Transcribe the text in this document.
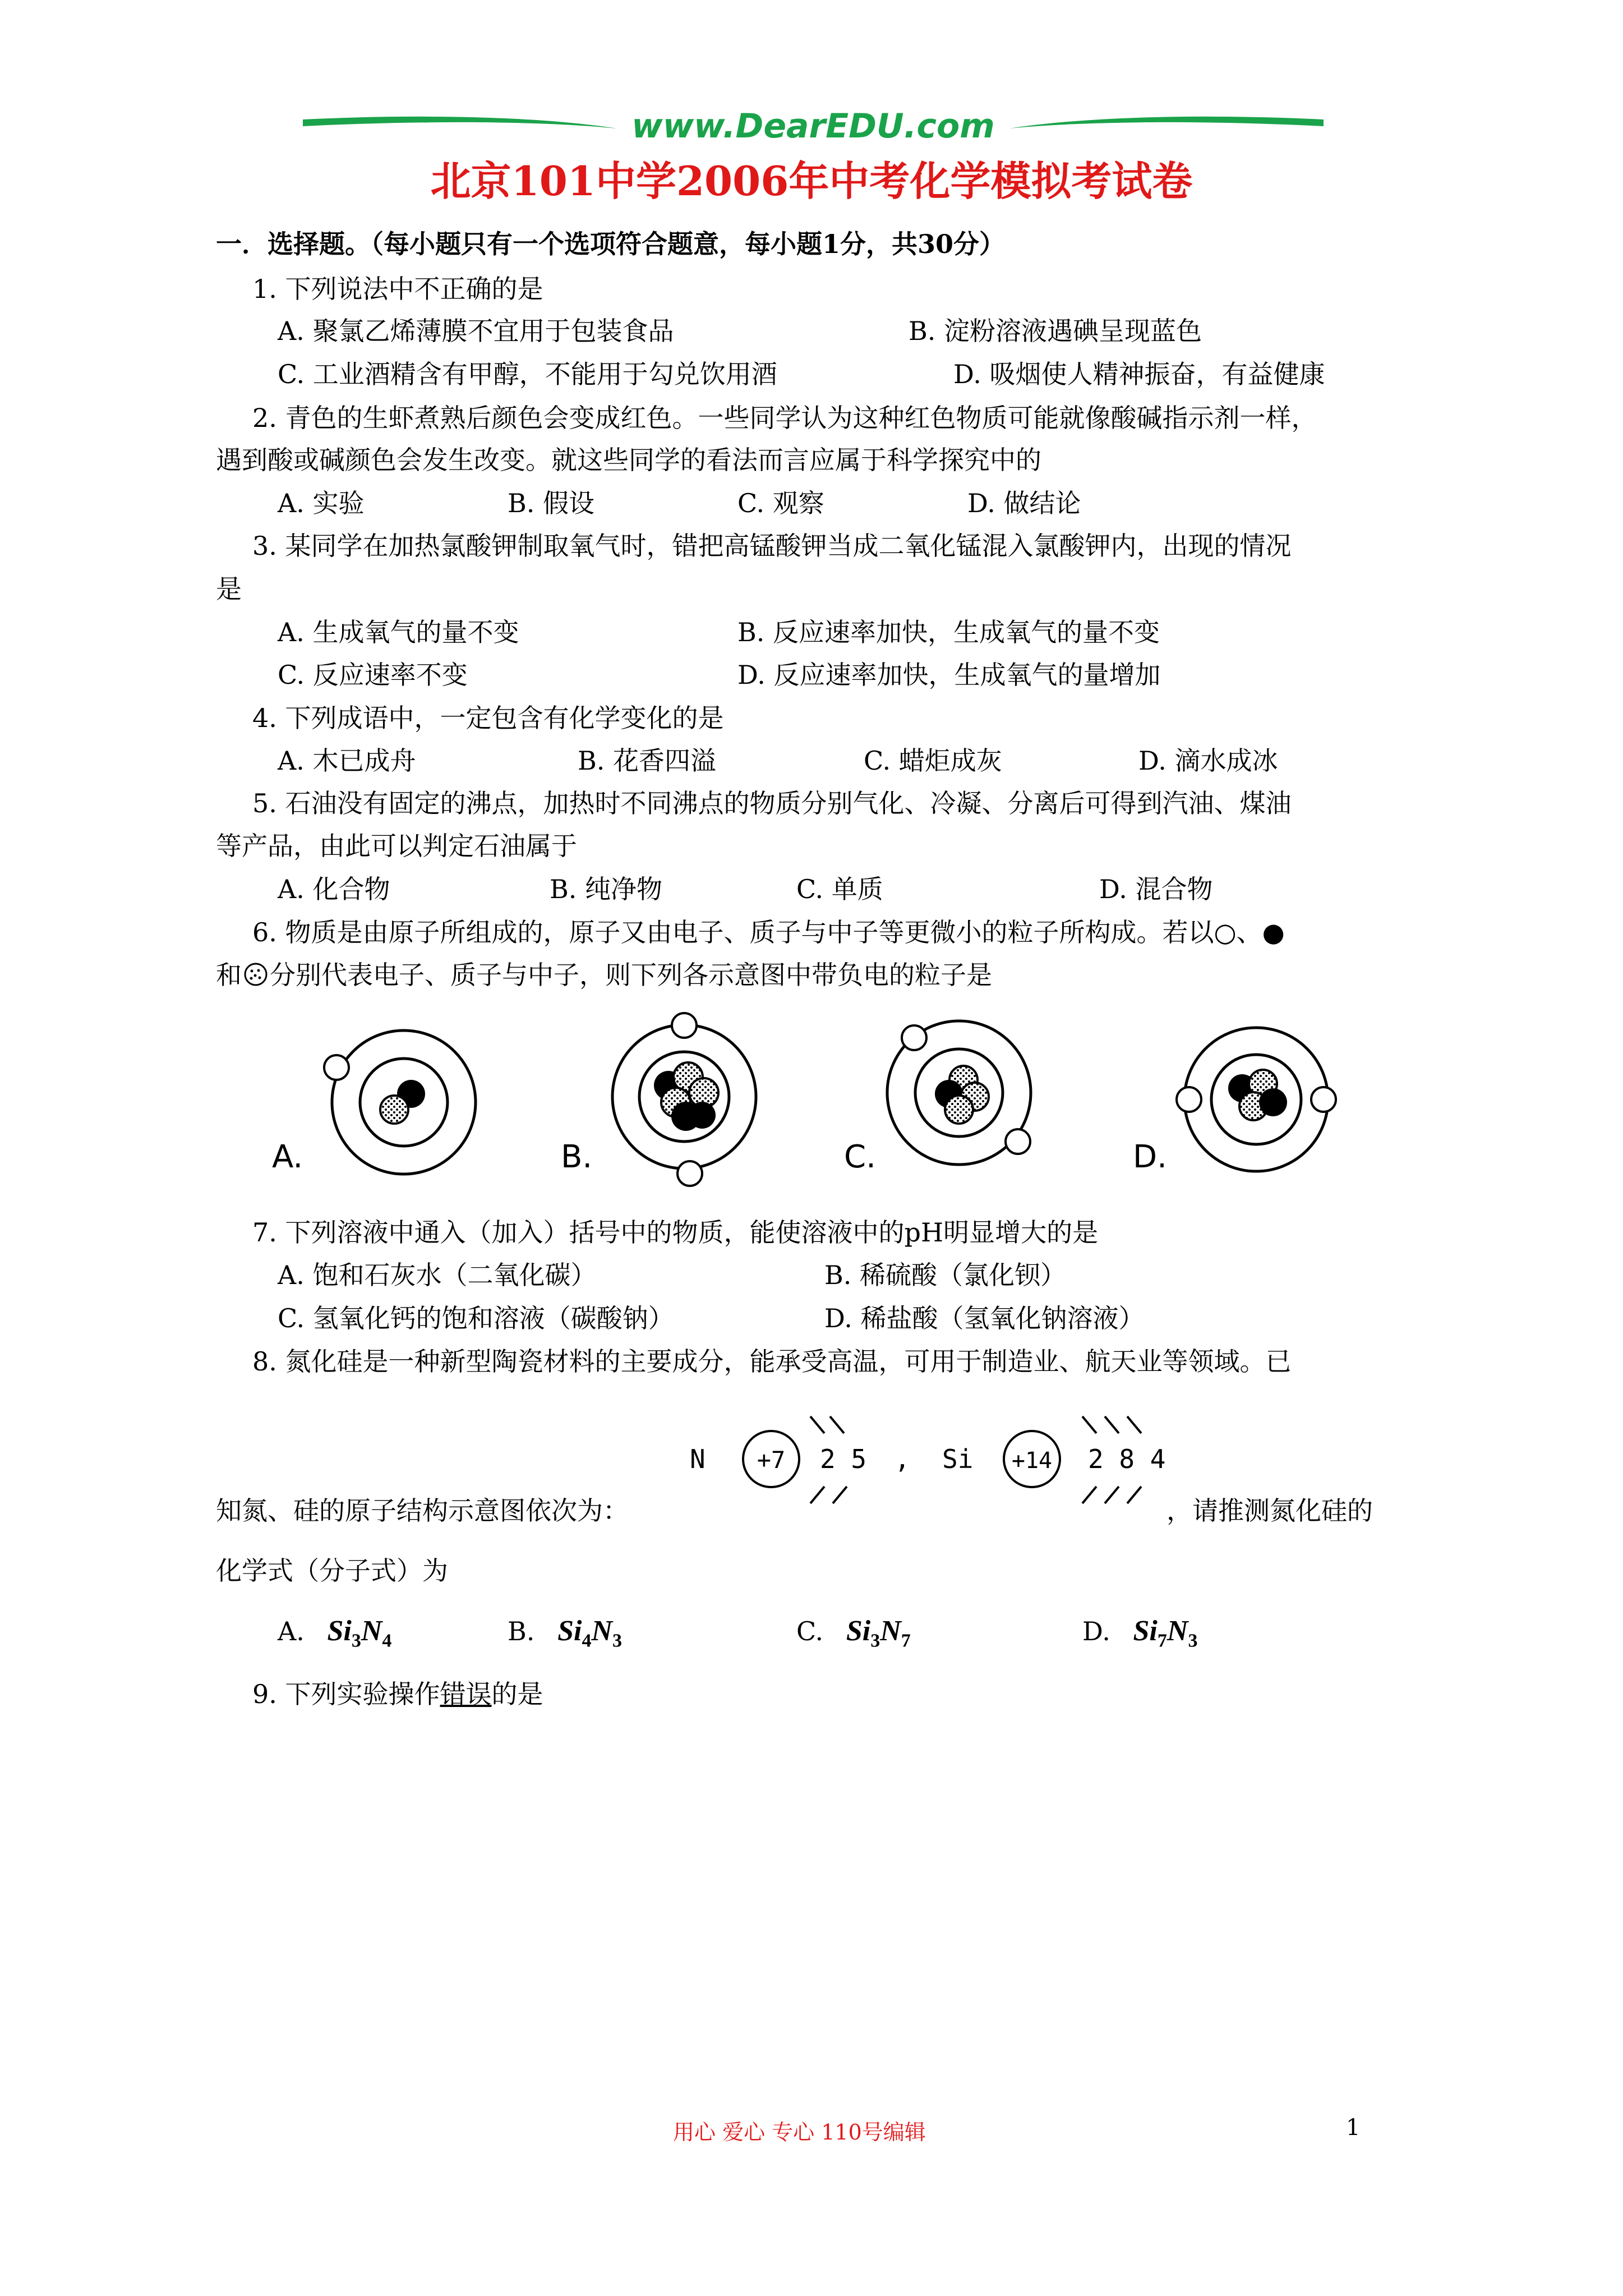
www.DearEDU.com
北京101中学2006年中考化学模拟考试卷
一．选择题。（每小题只有一个选项符合题意，每小题1分，共30分）
1. 下列说法中不正确的是
A. 聚氯乙烯薄膜不宜用于包装食品	B. 淀粉溶液遇碘呈现蓝色
C. 工业酒精含有甲醇，不能用于勾兑饮用酒	D. 吸烟使人精神振奋，有益健康
2. 青色的生虾煮熟后颜色会变成红色。一些同学认为这种红色物质可能就像酸碱指示剂一样，
遇到酸或碱颜色会发生改变。就这些同学的看法而言应属于科学探究中的
A. 实验	B. 假设	C. 观察	D. 做结论
3. 某同学在加热氯酸钾制取氧气时，错把高锰酸钾当成二氧化锰混入氯酸钾内，出现的情况
是
A. 生成氧气的量不变	B. 反应速率加快，生成氧气的量不变
C. 反应速率不变	D. 反应速率加快，生成氧气的量增加
4. 下列成语中，一定包含有化学变化的是
A. 木已成舟	B. 花香四溢	C. 蜡炬成灰	D. 滴水成冰
5. 石油没有固定的沸点，加热时不同沸点的物质分别气化、冷凝、分离后可得到汽油、煤油
等产品，由此可以判定石油属于
A. 化合物	B. 纯净物	C. 单质	D. 混合物
6. 物质是由原子所组成的，原子又由电子、质子与中子等更微小的粒子所构成。若以○、●
和 分别代表电子、质子与中子，则下列各示意图中带负电的粒子是
A.	B.	C.	D.
7. 下列溶液中通入（加入）括号中的物质，能使溶液中的pH明显增大的是
A. 饱和石灰水（二氧化碳）	B. 稀硫酸（氯化钡）
C. 氢氧化钙的饱和溶液（碳酸钠）	D. 稀盐酸（氢氧化钠溶液）
8. 氮化硅是一种新型陶瓷材料的主要成分，能承受高温，可用于制造业、航天业等领域。已
N +7 2 5 , Si +14 2 8 4
知氮、硅的原子结构示意图依次为：	，请推测氮化硅的
化学式（分子式）为
A. $Si_3N_4$	B. $Si_4N_3$	C. $Si_3N_7$	D. $Si_7N_3$
9. 下列实验操作错误的是
用心 爱心 专心 110号编辑	1
